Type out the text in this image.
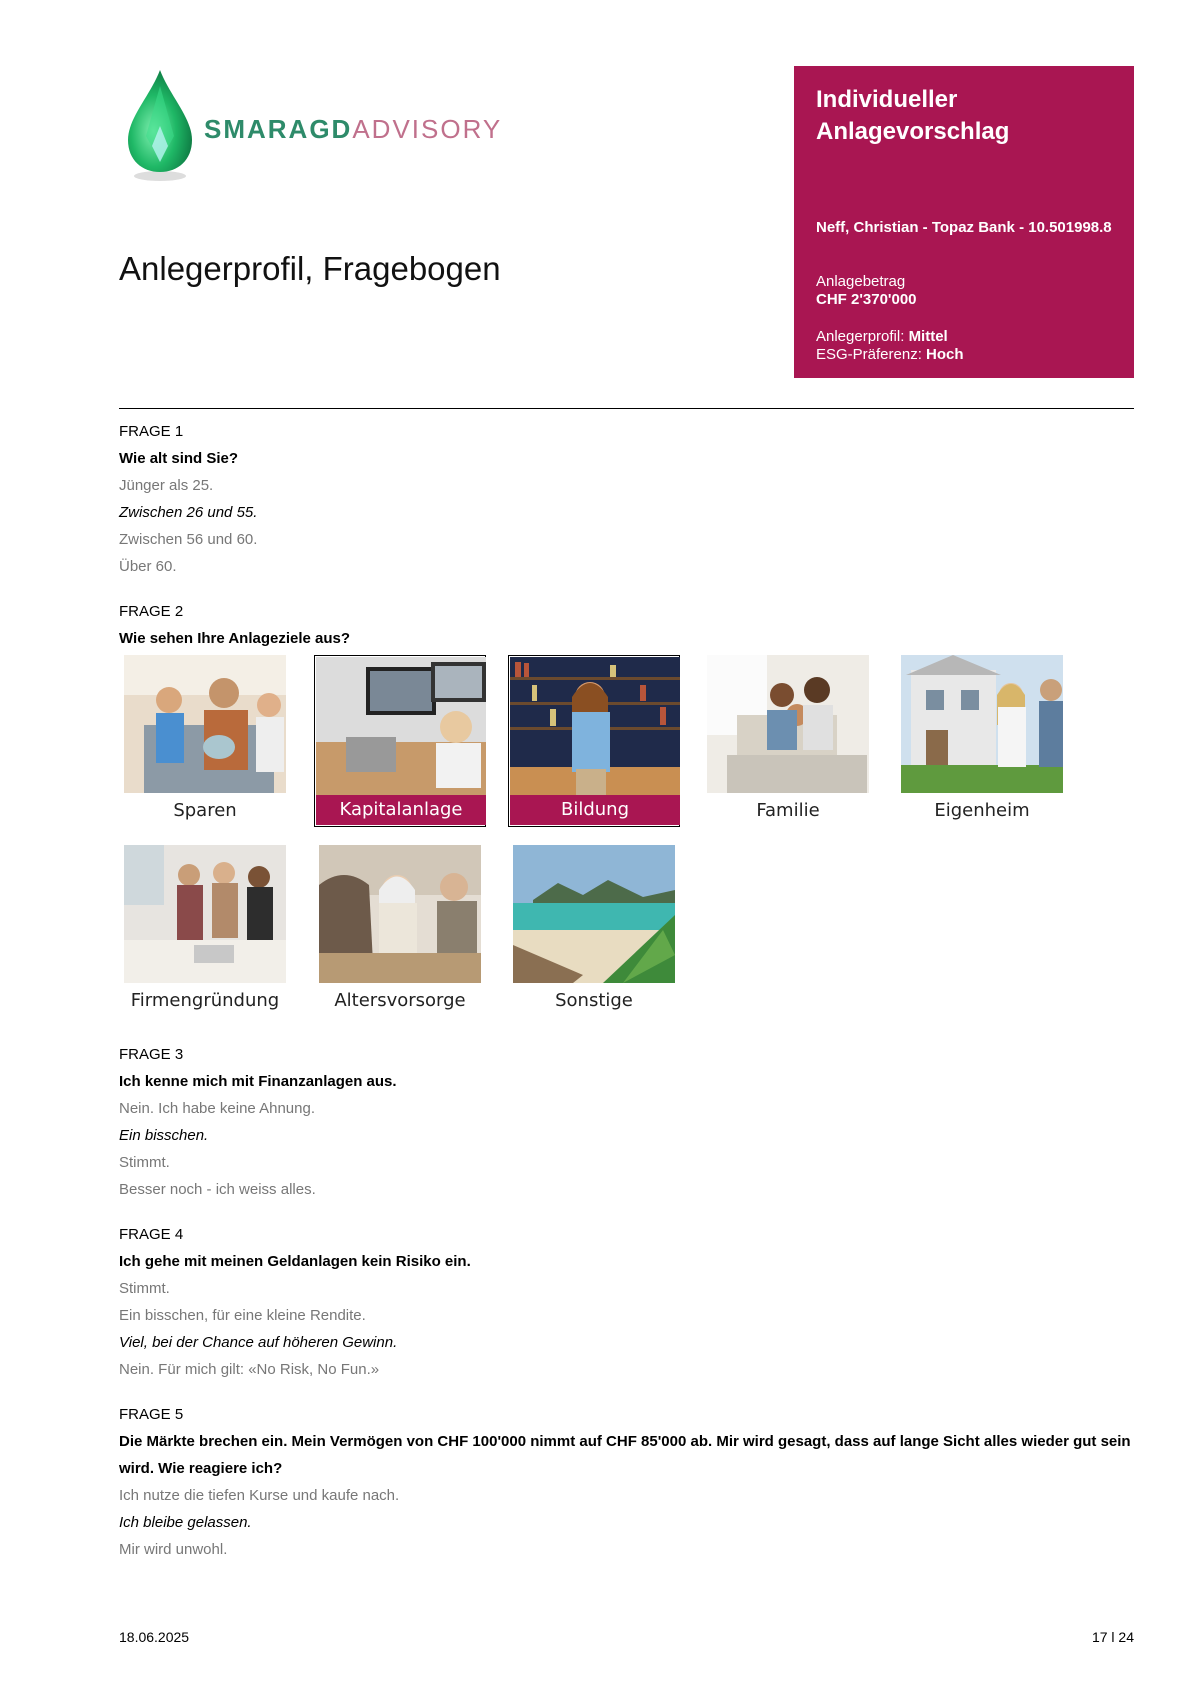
SMARAGDADVISORY
Anlegerprofil, Fragebogen
Individueller Anlagevorschlag
Neff, Christian - Topaz Bank - 10.501998.8
Anlagebetrag
CHF 2'370'000
Anlegerprofil: Mittel
ESG-Präferenz: Hoch
FRAGE 1
Wie alt sind Sie?
Jünger als 25.
Zwischen 26 und 55.
Zwischen 56 und 60.
Über 60.
FRAGE 2
Wie sehen Ihre Anlageziele aus?
Sparen	Kapitalanlage	Bildung	Familie	Eigenheim
Firmengründung	Altersvorsorge	Sonstige
FRAGE 3
Ich kenne mich mit Finanzanlagen aus.
Nein. Ich habe keine Ahnung.
Ein bisschen.
Stimmt.
Besser noch - ich weiss alles.
FRAGE 4
Ich gehe mit meinen Geldanlagen kein Risiko ein.
Stimmt.
Ein bisschen, für eine kleine Rendite.
Viel, bei der Chance auf höheren Gewinn.
Nein. Für mich gilt: «No Risk, No Fun.»
FRAGE 5
Die Märkte brechen ein. Mein Vermögen von CHF 100'000 nimmt auf CHF 85'000 ab. Mir wird gesagt, dass auf lange Sicht alles wieder gut sein wird. Wie reagiere ich?
Ich nutze die tiefen Kurse und kaufe nach.
Ich bleibe gelassen.
Mir wird unwohl.
18.06.2025	17 l 24
